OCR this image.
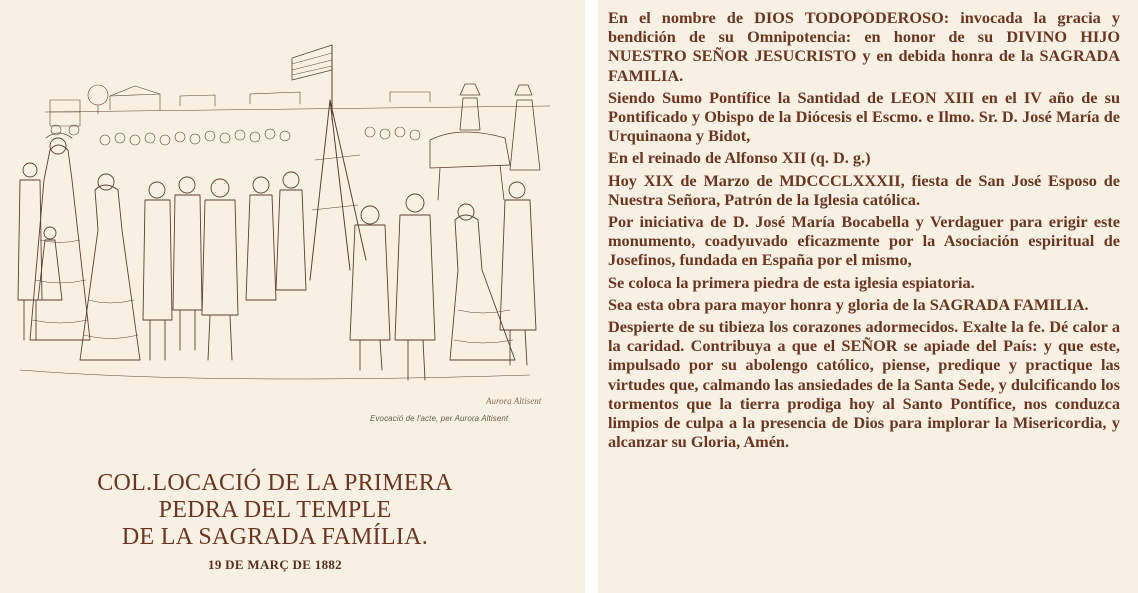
Aurora Altisent
Evocació de l'acte, per Aurora Altisent
COL.LOCACIÓ DE LA PRIMERA
PEDRA DEL TEMPLE
DE LA SAGRADA FAMÍLIA.
19 DE MARÇ DE 1882

En el nombre de DIOS TODOPODEROSO: invocada la gracia y bendición de su Omnipotencia: en honor de su DIVINO HIJO NUESTRO SEÑOR JESUCRISTO y en debida honra de la SAGRADA FAMILIA.

Siendo Sumo Pontífice la Santidad de LEON XIII en el IV año de su Pontificado y Obispo de la Diócesis el Escmo. e Ilmo. Sr. D. José María de Urquinaona y Bidot,

En el reinado de Alfonso XII (q. D. g.)

Hoy XIX de Marzo de MDCCCLXXXII, fiesta de San José Esposo de Nuestra Señora, Patrón de la Iglesia católica.

Por iniciativa de D. José María Bocabella y Verdaguer para erigir este monumento, coadyuvado eficazmente por la Asociación espiritual de Josefinos, fundada en España por el mismo,

Se coloca la primera piedra de esta iglesia espiatoria.

Sea esta obra para mayor honra y gloria de la SAGRADA FAMILIA.

Despierte de su tibieza los corazones adormecidos. Exalte la fe. Dé calor a la caridad. Contribuya a que el SEÑOR se apiade del País: y que este, impulsado por su abolengo católico, piense, predique y practique las virtudes que, calmando las ansiedades de la Santa Sede, y dulcificando los tormentos que la tierra prodiga hoy al Santo Pontífice, nos conduzca limpios de culpa a la presencia de Dios para implorar la Misericordia, y alcanzar su Gloria, Amén.
